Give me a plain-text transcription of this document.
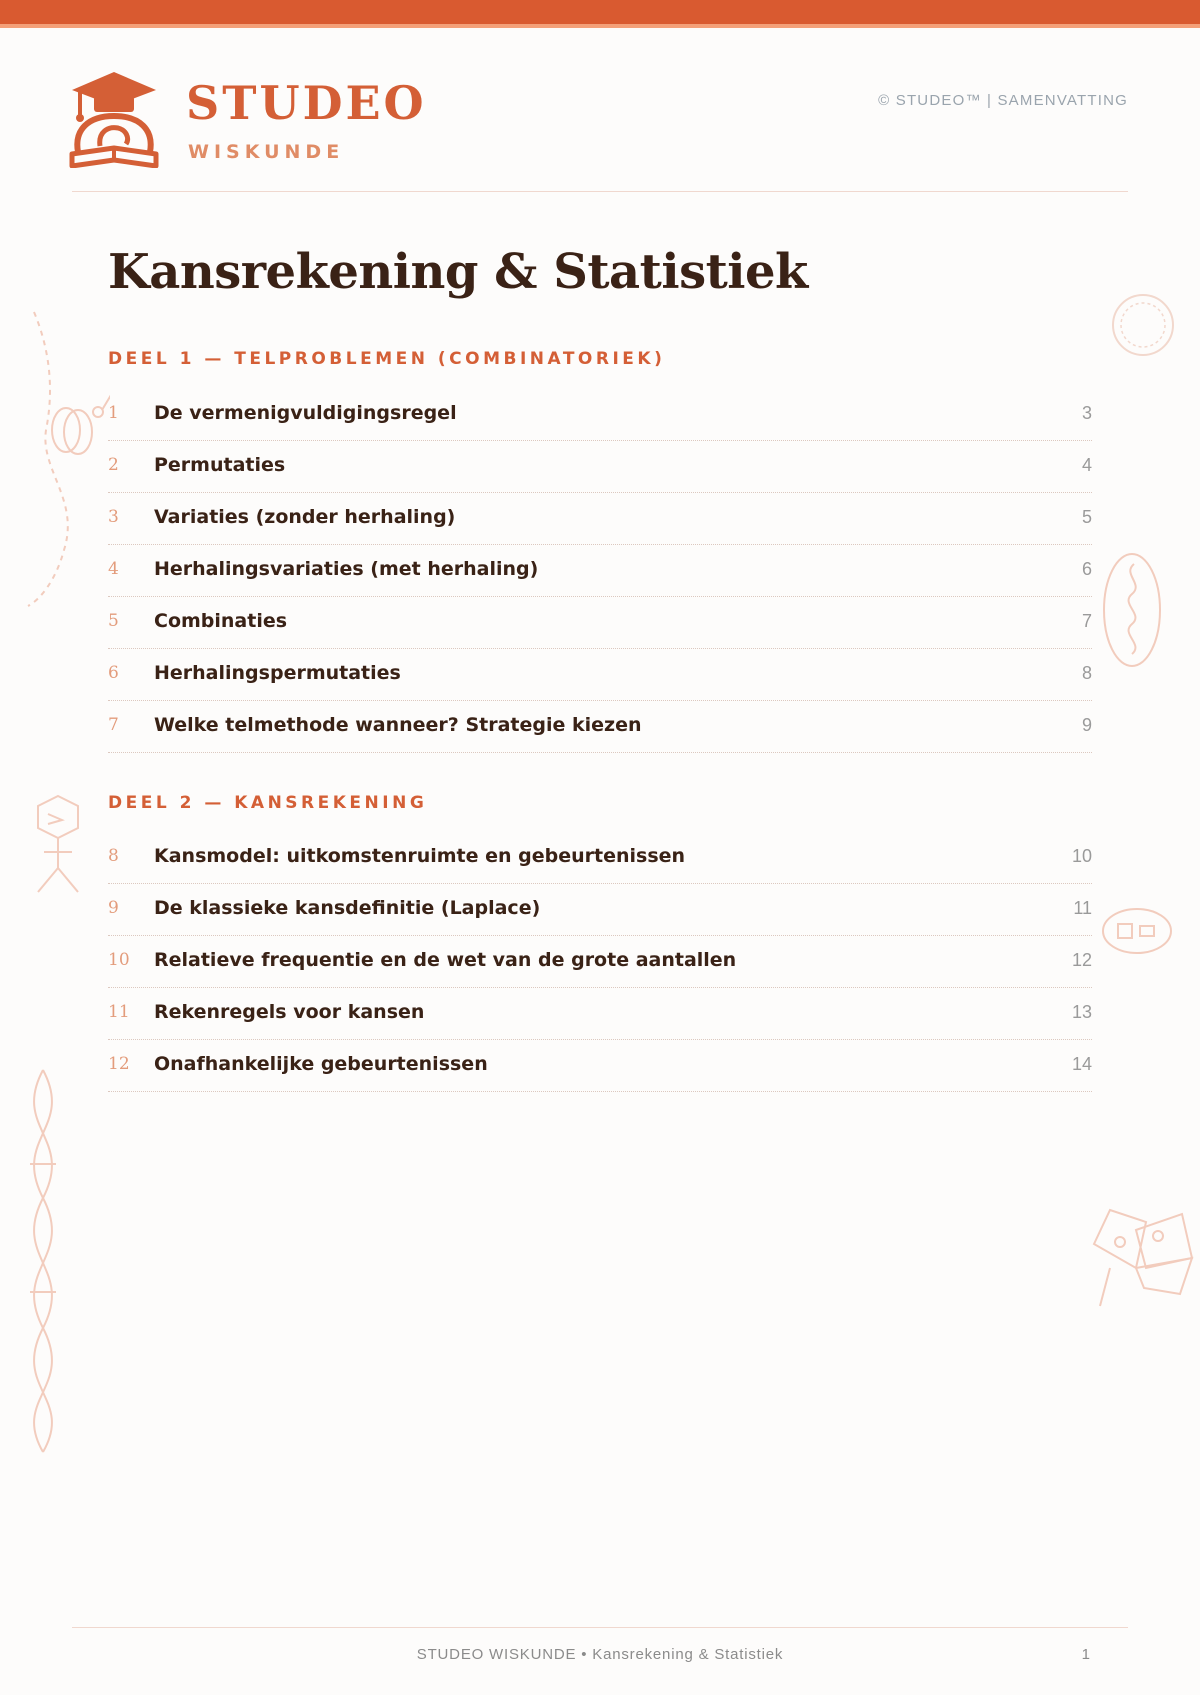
STUDEO
WISKUNDE
© STUDEO™ | SAMENVATTING
Kansrekening & Statistiek
DEEL 1 — TELPROBLEMEN (COMBINATORIEK)
1 De vermenigvuldigingsregel	3
2 Permutaties	4
3 Variaties (zonder herhaling)	5
4 Herhalingsvariaties (met herhaling)	6
5 Combinaties	7
6 Herhalingspermutaties	8
7 Welke telmethode wanneer? Strategie kiezen	9
DEEL 2 — KANSREKENING
8 Kansmodel: uitkomstenruimte en gebeurtenissen	10
9 De klassieke kansdefinitie (Laplace)	11
10 Relatieve frequentie en de wet van de grote aantallen	12
11 Rekenregels voor kansen	13
12 Onafhankelijke gebeurtenissen	14
STUDEO WISKUNDE • Kansrekening & Statistiek	1
